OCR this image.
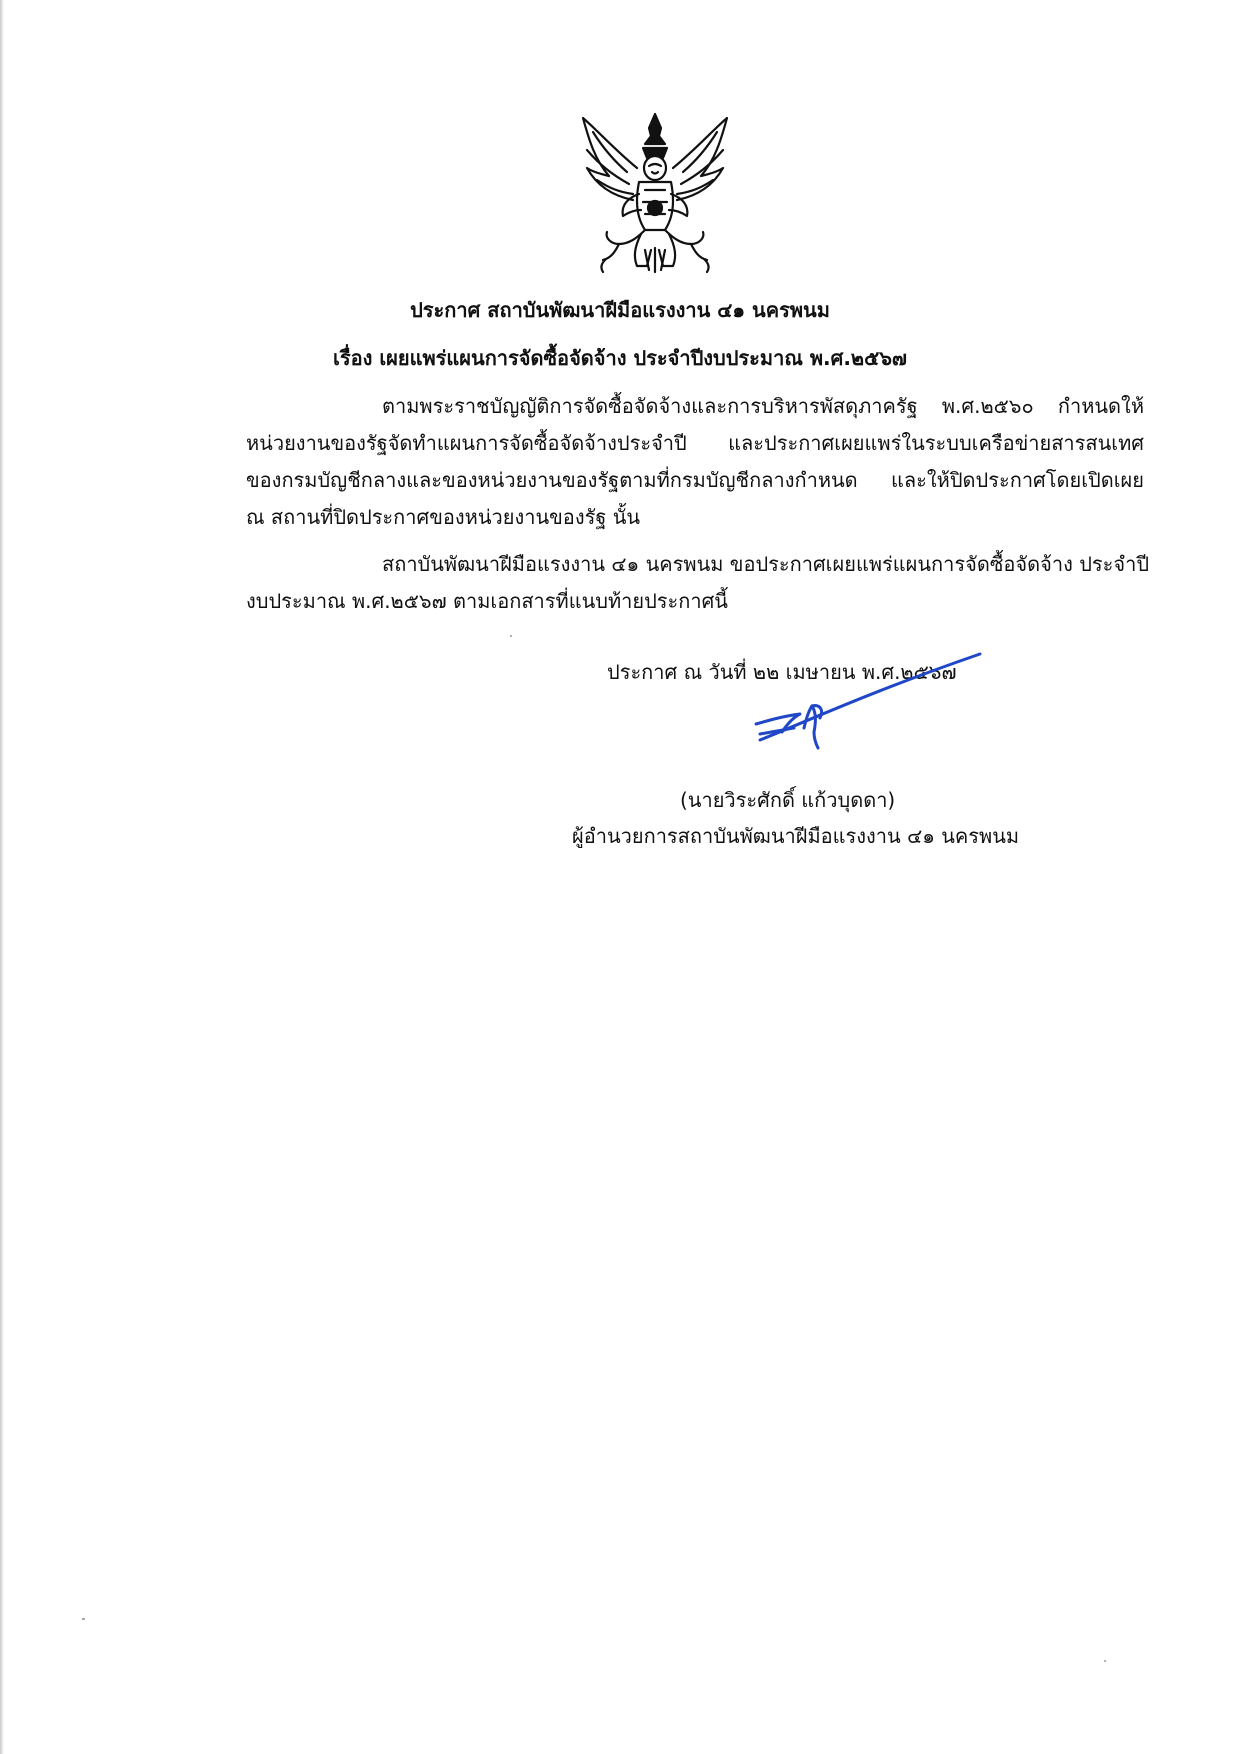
ประกาศ สถาบันพัฒนาฝีมือแรงงาน ๔๑ นครพนม
เรื่อง เผยแพร่แผนการจัดซื้อจัดจ้าง ประจำปีงบประมาณ พ.ศ.๒๕๖๗
ตามพระราชบัญญัติการจัดซื้อจัดจ้างและการบริหารพัสดุภาครัฐ พ.ศ.๒๕๖๐ กำหนดให้
หน่วยงานของรัฐจัดทำแผนการจัดซื้อจัดจ้างประจำปี และประกาศเผยแพร่ในระบบเครือข่ายสารสนเทศ
ของกรมบัญชีกลางและของหน่วยงานของรัฐตามที่กรมบัญชีกลางกำหนด และให้ปิดประกาศโดยเปิดเผย
ณ สถานที่ปิดประกาศของหน่วยงานของรัฐ นั้น
สถาบันพัฒนาฝีมือแรงงาน ๔๑ นครพนม ขอประกาศเผยแพร่แผนการจัดซื้อจัดจ้าง ประจำปี
งบประมาณ พ.ศ.๒๕๖๗ ตามเอกสารที่แนบท้ายประกาศนี้
ประกาศ ณ วันที่ ๒๒ เมษายน พ.ศ.๒๕๖๗
(นายวิระศักดิ์ แก้วบุดดา)
ผู้อำนวยการสถาบันพัฒนาฝีมือแรงงาน ๔๑ นครพนม
